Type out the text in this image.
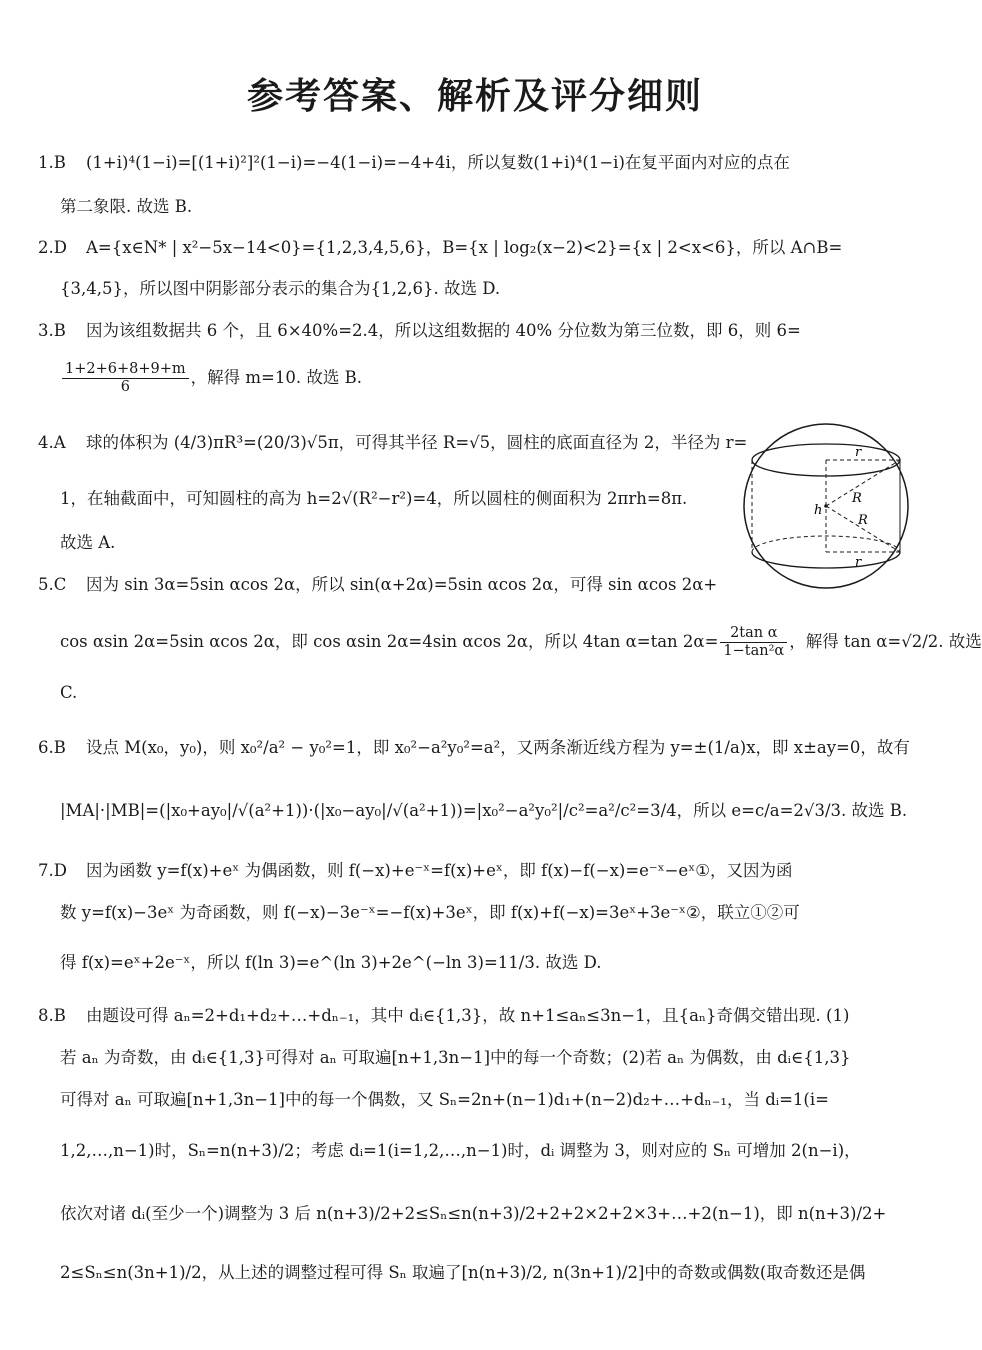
参考答案、解析及评分细则
1.B (1+i)⁴(1−i)=[(1+i)²]²(1−i)=−4(1−i)=−4+4i，所以复数(1+i)⁴(1−i)在复平面内对应的点在
第二象限. 故选 B.
2.D A={x∈N* | x²−5x−14<0}={1,2,3,4,5,6}，B={x | log₂(x−2)<2}={x | 2<x<6}，所以 A∩B=
{3,4,5}，所以图中阴影部分表示的集合为{1,2,6}. 故选 D.
3.B 因为该组数据共 6 个，且 6×40%=2.4，所以这组数据的 40% 分位数为第三位数，即 6，则 6=
$\frac{1+2+6+8+9+m}{6}$ ，解得 m=10. 故选 B.
4.A 球的体积为 (4/3)πR³=(20/3)√5π，可得其半径 R=√5，圆柱的底面直径为 2，半径为 r=
1，在轴截面中，可知圆柱的高为 h=2√(R²−r²)=4，所以圆柱的侧面积为 2πrh=8π.
故选 A.
r
r
R
R
h
5.C 因为 sin 3α=5sin αcos 2α，所以 sin(α+2α)=5sin αcos 2α，可得 sin αcos 2α+
cos αsin 2α=5sin αcos 2α，即 cos αsin 2α=4sin αcos 2α，所以 4tan α=tan $2\alpha= \frac{\text{2tan α}}{\text{1−tan²α}}$ ，解得 tan α=√2/2. 故选
C.
6.B 设点 M(x₀，y₀)，则 x₀²/a² − y₀²=1，即 x₀²−a²y₀²=a²，又两条渐近线方程为 y=±(1/a)x，即 x±ay=0，故有
|MA|·|MB|=(|x₀+ay₀|/√(a²+1))·(|x₀−ay₀|/√(a²+1))=|x₀²−a²y₀²|/c²=a²/c²=3/4，所以 e=c/a=2√3/3. 故选 B.
7.D 因为函数 y=f(x)+eˣ 为偶函数，则 f(−x)+e⁻ˣ=f(x)+eˣ，即 f(x)−f(−x)=e⁻ˣ−eˣ①，又因为函
数 y=f(x)−3eˣ 为奇函数，则 f(−x)−3e⁻ˣ=−f(x)+3eˣ，即 f(x)+f(−x)=3eˣ+3e⁻ˣ②，联立①②可
得 f(x)=eˣ+2e⁻ˣ，所以 f(ln 3)=e^(ln 3)+2e^(−ln 3)=11/3. 故选 D.
8.B 由题设可得 aₙ=2+d₁+d₂+…+dₙ₋₁，其中 dᵢ∈{1,3}，故 n+1≤aₙ≤3n−1，且{aₙ}奇偶交错出现. (1)
若 aₙ 为奇数，由 dᵢ∈{1,3}可得对 aₙ 可取遍[n+1,3n−1]中的每一个奇数；(2)若 aₙ 为偶数，由 dᵢ∈{1,3}
可得对 aₙ 可取遍[n+1,3n−1]中的每一个偶数，又 Sₙ=2n+(n−1)d₁+(n−2)d₂+…+dₙ₋₁，当 dᵢ=1(i=
1,2,…,n−1)时，Sₙ=n(n+3)/2；考虑 dᵢ=1(i=1,2,…,n−1)时，dᵢ 调整为 3，则对应的 Sₙ 可增加 2(n−i)，
依次对诸 dᵢ(至少一个)调整为 3 后 n(n+3)/2+2≤Sₙ≤n(n+3)/2+2+2×2+2×3+…+2(n−1)，即 n(n+3)/2+
2≤Sₙ≤n(3n+1)/2，从上述的调整过程可得 Sₙ 取遍了[n(n+3)/2, n(3n+1)/2]中的奇数或偶数(取奇数还是偶
